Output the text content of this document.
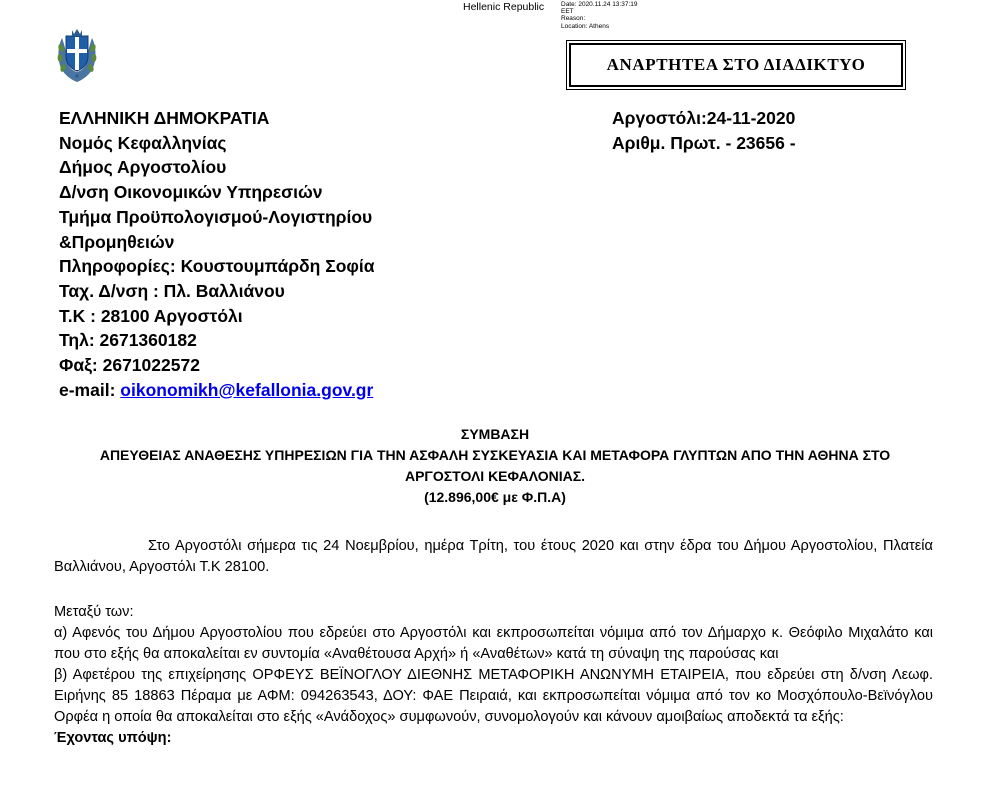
Hellenic Republic	Date: 2020.11.24 13:37:19
EET
Reason:
Location: Athens
ΑΝΑΡΤΗΤΕΑ ΣΤΟ ΔΙΑΔΙΚΤΥΟ
ΕΛΛΗΝΙΚΗ ΔΗΜΟΚΡΑΤΙΑ
Νομός Κεφαλληνίας
Δήμος Αργοστολίου
Δ/νση Οικονομικών Υπηρεσιών
Τμήμα Προϋπολογισμού-Λογιστηρίου
&Προμηθειών
Πληροφορίες: Κουστουμπάρδη Σοφία
Ταχ. Δ/νση : Πλ. Βαλλιάνου
Τ.Κ : 28100 Αργοστόλι
Τηλ: 2671360182
Φαξ: 2671022572
e-mail: oikonomikh@kefallonia.gov.gr
Αργοστόλι:24-11-2020
Αριθμ. Πρωτ. - 23656 -
ΣΥΜΒΑΣΗ
ΑΠΕΥΘΕΙΑΣ ΑΝΑΘΕΣΗΣ ΥΠΗΡΕΣΙΩΝ ΓΙΑ ΤΗΝ ΑΣΦΑΛΗ ΣΥΣΚΕΥΑΣΙΑ ΚΑΙ ΜΕΤΑΦΟΡΑ ΓΛΥΠΤΩΝ ΑΠΟ ΤΗΝ ΑΘΗΝΑ ΣΤΟ
ΑΡΓΟΣΤΟΛΙ ΚΕΦΑΛΟΝΙΑΣ.
(12.896,00€ με Φ.Π.Α)
Στο Αργοστόλι σήμερα τις 24 Νοεμβρίου, ημέρα Τρίτη, του έτους 2020 και στην έδρα του Δήμου Αργοστολίου, Πλατεία Βαλλιάνου, Αργοστόλι Τ.Κ 28100.
Μεταξύ των:
α) Αφενός του Δήμου Αργοστολίου που εδρεύει στο Αργοστόλι και εκπροσωπείται νόμιμα από τον Δήμαρχο κ. Θεόφιλο Μιχαλάτο και που στο εξής θα αποκαλείται εν συντομία «Αναθέτουσα Αρχή» ή «Αναθέτων» κατά τη σύναψη της παρούσας και
β) Αφετέρου της επιχείρησης ΟΡΦΕΥΣ ΒΕΪΝΟΓΛΟΥ ΔΙΕΘΝΗΣ ΜΕΤΑΦΟΡΙΚΗ ΑΝΩΝΥΜΗ ΕΤΑΙΡΕΙΑ, που εδρεύει στη δ/νση Λεωφ. Ειρήνης 85 18863 Πέραμα με ΑΦΜ: 094263543, ΔΟΥ: ΦΑΕ Πειραιά, και εκπροσωπείται νόμιμα από τον κο Μοσχόπουλο-Βεϊνόγλου Ορφέα η οποία θα αποκαλείται στο εξής «Ανάδοχος» συμφωνούν, συνομολογούν και κάνουν αμοιβαίως αποδεκτά τα εξής:
Έχοντας υπόψη:
